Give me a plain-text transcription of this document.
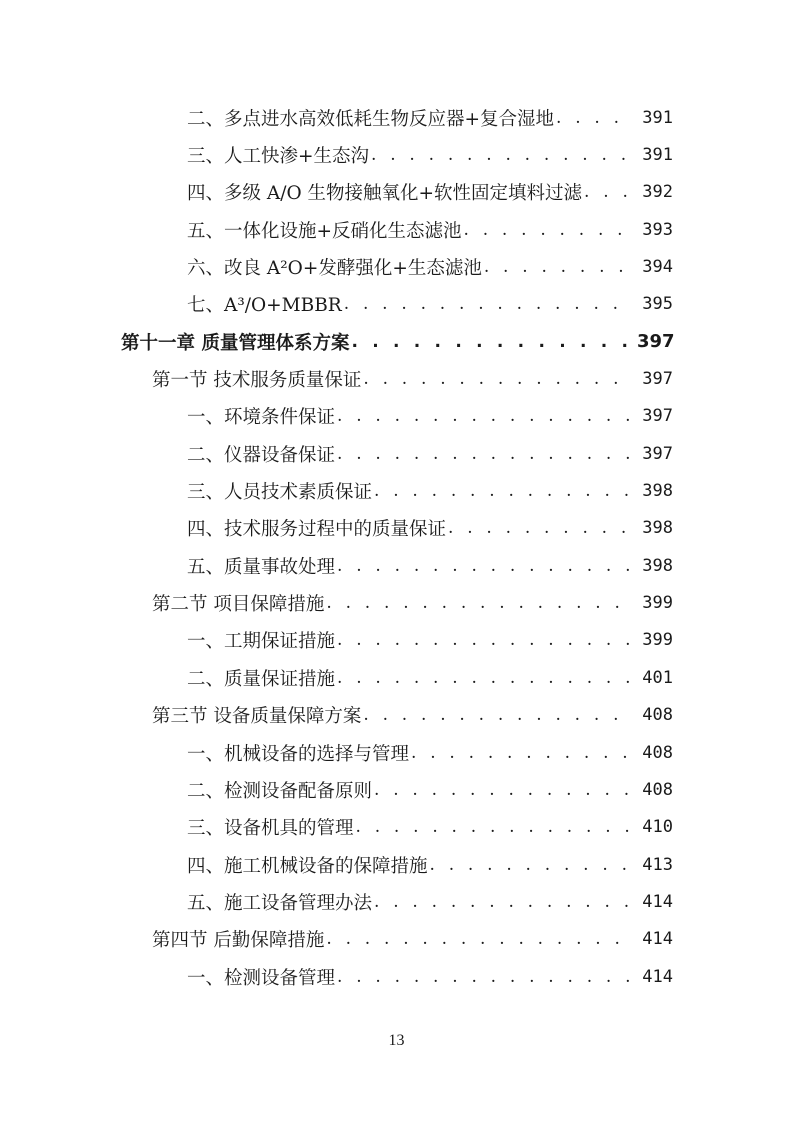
二、多点进水高效低耗生物反应器+复合湿地 . . .	391
三、人工快渗+生态沟 . . .	391
四、多级 A/O 生物接触氧化+软性固定填料过滤 . . .	392
五、一体化设施+反硝化生态滤池 . . .	393
六、改良 A²O+发酵强化+生态滤池 . . .	394
七、A³/O+MBBR . . .	395
第十一章 质量管理体系方案 . . .	397
第一节 技术服务质量保证 . . .	397
一、环境条件保证 . . .	397
二、仪器设备保证 . . .	397
三、人员技术素质保证 . . .	398
四、技术服务过程中的质量保证 . . .	398
五、质量事故处理 . . .	398
第二节 项目保障措施 . . .	399
一、工期保证措施 . . .	399
二、质量保证措施 . . .	401
第三节 设备质量保障方案 . . .	408
一、机械设备的选择与管理 . . .	408
二、检测设备配备原则 . . .	408
三、设备机具的管理 . . .	410
四、施工机械设备的保障措施 . . .	413
五、施工设备管理办法 . . .	414
第四节 后勤保障措施 . . .	414
一、检测设备管理 . . .	414
13
